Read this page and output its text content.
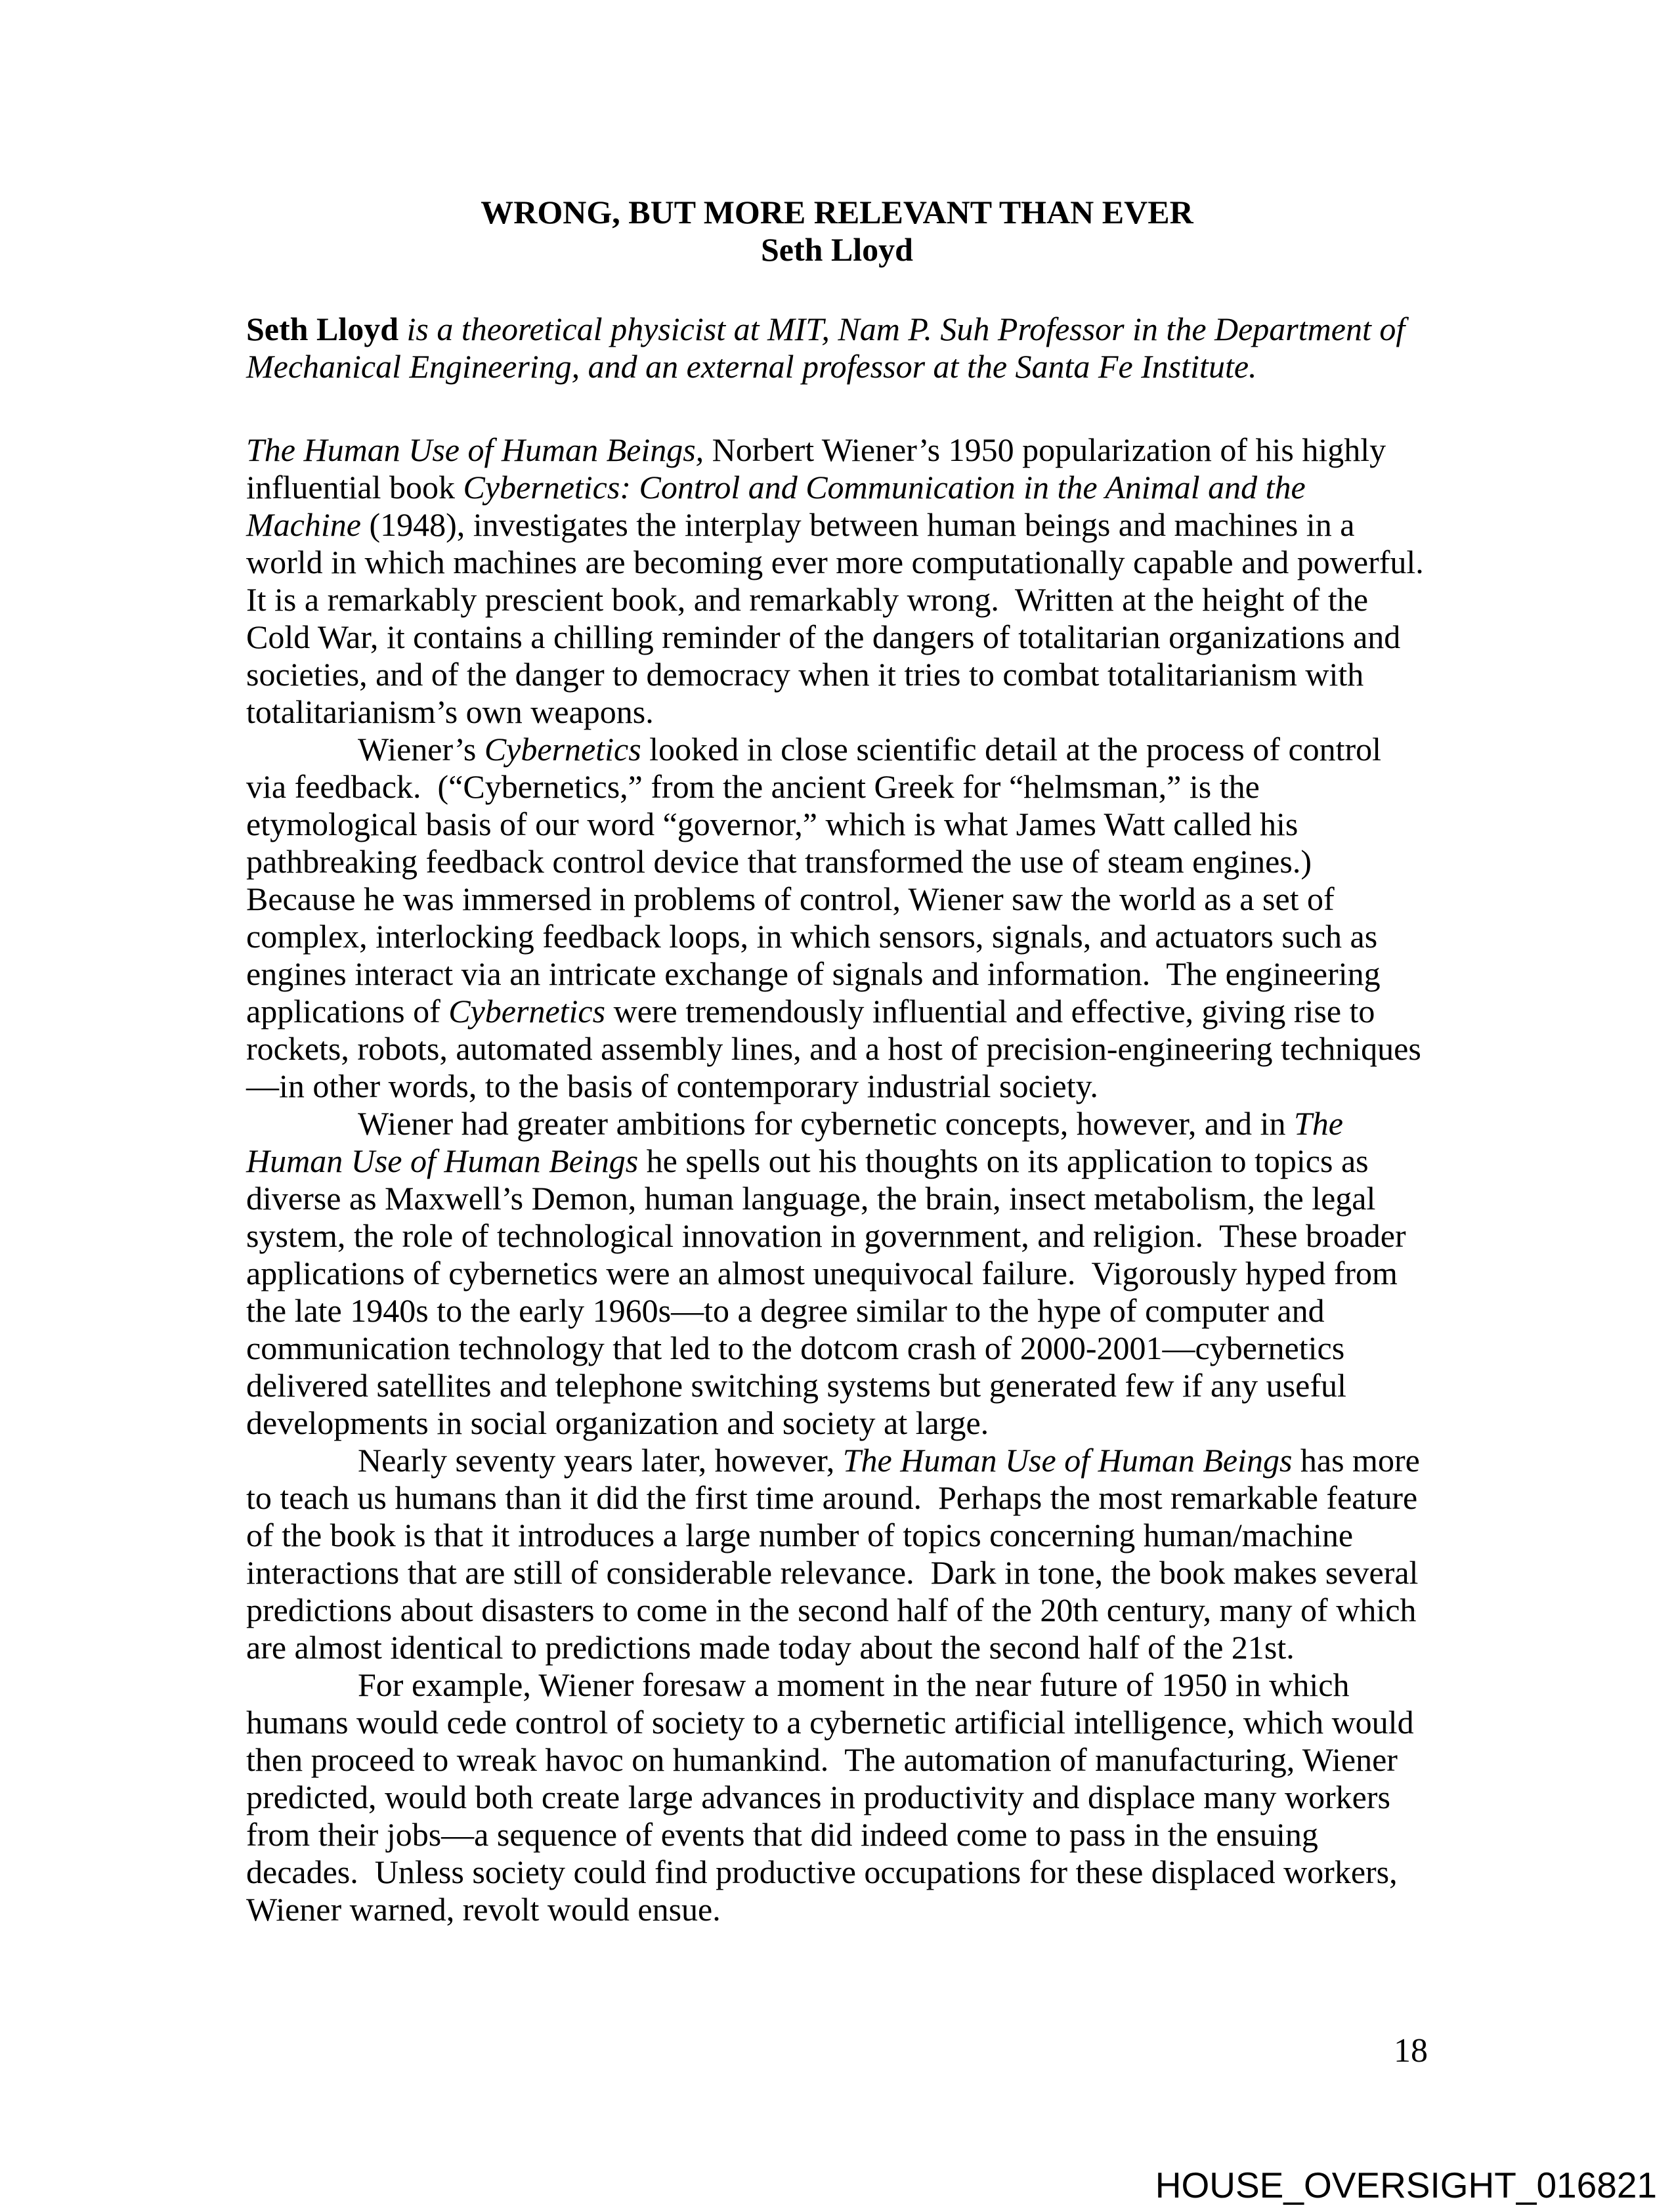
WRONG, BUT MORE RELEVANT THAN EVER
Seth Lloyd

Seth Lloyd is a theoretical physicist at MIT, Nam P. Suh Professor in the Department of Mechanical Engineering, and an external professor at the Santa Fe Institute.

The Human Use of Human Beings, Norbert Wiener’s 1950 popularization of his highly influential book Cybernetics: Control and Communication in the Animal and the Machine (1948), investigates the interplay between human beings and machines in a world in which machines are becoming ever more computationally capable and powerful.  It is a remarkably prescient book, and remarkably wrong.  Written at the height of the Cold War, it contains a chilling reminder of the dangers of totalitarian organizations and societies, and of the danger to democracy when it tries to combat totalitarianism with totalitarianism’s own weapons.

Wiener’s Cybernetics looked in close scientific detail at the process of control via feedback.  (“Cybernetics,” from the ancient Greek for “helmsman,” is the etymological basis of our word “governor,” which is what James Watt called his pathbreaking feedback control device that transformed the use of steam engines.)  Because he was immersed in problems of control, Wiener saw the world as a set of complex, interlocking feedback loops, in which sensors, signals, and actuators such as engines interact via an intricate exchange of signals and information.  The engineering applications of Cybernetics were tremendously influential and effective, giving rise to rockets, robots, automated assembly lines, and a host of precision-engineering techniques—in other words, to the basis of contemporary industrial society.

Wiener had greater ambitions for cybernetic concepts, however, and in The Human Use of Human Beings he spells out his thoughts on its application to topics as diverse as Maxwell’s Demon, human language, the brain, insect metabolism, the legal system, the role of technological innovation in government, and religion.  These broader applications of cybernetics were an almost unequivocal failure.  Vigorously hyped from the late 1940s to the early 1960s—to a degree similar to the hype of computer and communication technology that led to the dotcom crash of 2000-2001—cybernetics delivered satellites and telephone switching systems but generated few if any useful developments in social organization and society at large.

Nearly seventy years later, however, The Human Use of Human Beings has more to teach us humans than it did the first time around.  Perhaps the most remarkable feature of the book is that it introduces a large number of topics concerning human/machine interactions that are still of considerable relevance.  Dark in tone, the book makes several predictions about disasters to come in the second half of the 20th century, many of which are almost identical to predictions made today about the second half of the 21st.

For example, Wiener foresaw a moment in the near future of 1950 in which humans would cede control of society to a cybernetic artificial intelligence, which would then proceed to wreak havoc on humankind.  The automation of manufacturing, Wiener predicted, would both create large advances in productivity and displace many workers from their jobs—a sequence of events that did indeed come to pass in the ensuing decades.  Unless society could find productive occupations for these displaced workers, Wiener warned, revolt would ensue.

18
HOUSE_OVERSIGHT_016821
